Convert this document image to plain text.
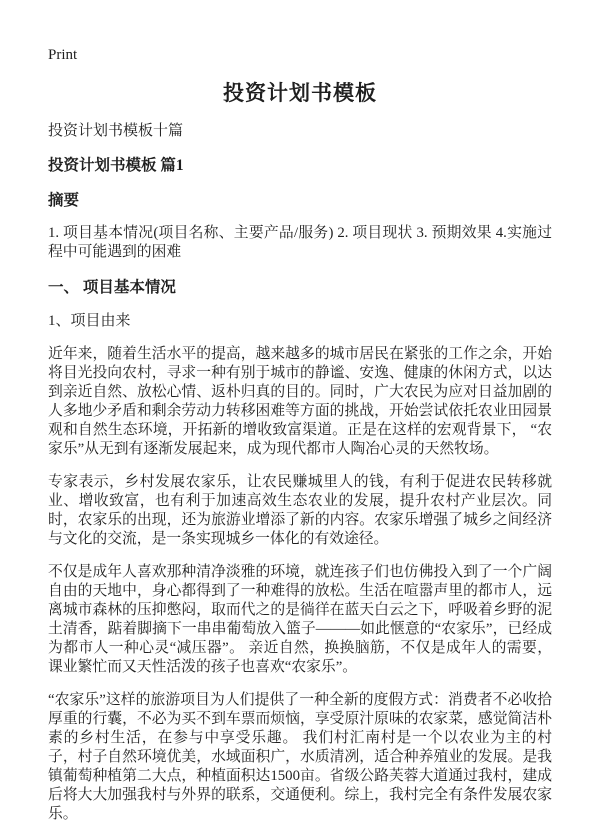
Print
投资计划书模板

投资计划书模板十篇

投资计划书模板 篇1
摘要

1. 项目基本情况(项目名称、主要产品/服务) 2. 项目现状 3. 预期效果 4.实施过程中可能遇到的困难

一、 项目基本情况

1、项目由来

近年来，随着生活水平的提高，越来越多的城市居民在紧张的工作之余，开始将目光投向农村，寻求一种有别于城市的静谧、安逸、健康的休闲方式，以达到亲近自然、放松心情、返朴归真的目的。同时，广大农民为应对日益加剧的人多地少矛盾和剩余劳动力转移困难等方面的挑战，开始尝试依托农业田园景观和自然生态环境，开拓新的增收致富渠道。正是在这样的宏观背景下， “农家乐”从无到有逐渐发展起来，成为现代都市人陶冶心灵的天然牧场。

专家表示，乡村发展农家乐，让农民赚城里人的钱，有利于促进农民转移就业、增收致富，也有利于加速高效生态农业的发展，提升农村产业层次。同时，农家乐的出现，还为旅游业增添了新的内容。农家乐增强了城乡之间经济与文化的交流，是一条实现城乡一体化的有效途径。

不仅是成年人喜欢那种清净淡雅的环境，就连孩子们也仿佛投入到了一个广阔自由的天地中，身心都得到了一种难得的放松。生活在喧嚣声里的都市人，远离城市森林的压抑憋闷，取而代之的是徜徉在蓝天白云之下，呼吸着乡野的泥土清香，踮着脚摘下一串串葡萄放入篮子———如此惬意的“农家乐”，已经成为都市人一种心灵“减压器”。 亲近自然，换换脑筋，不仅是成年人的需要，课业繁忙而又天性活泼的孩子也喜欢“农家乐”。

“农家乐”这样的旅游项目为人们提供了一种全新的度假方式：消费者不必收拾厚重的行囊，不必为买不到车票而烦恼，享受原汁原味的农家菜，感觉简洁朴素的乡村生活，在参与中享受乐趣。 我们村汇南村是一个以农业为主的村子，村子自然环境优美，水域面积广，水质清冽，适合种养殖业的发展。是我镇葡萄种植第二大点，种植面积达1500亩。省级公路芙蓉大道通过我村，建成后将大大加强我村与外界的联系，交通便利。综上，我村完全有条件发展农家乐。
